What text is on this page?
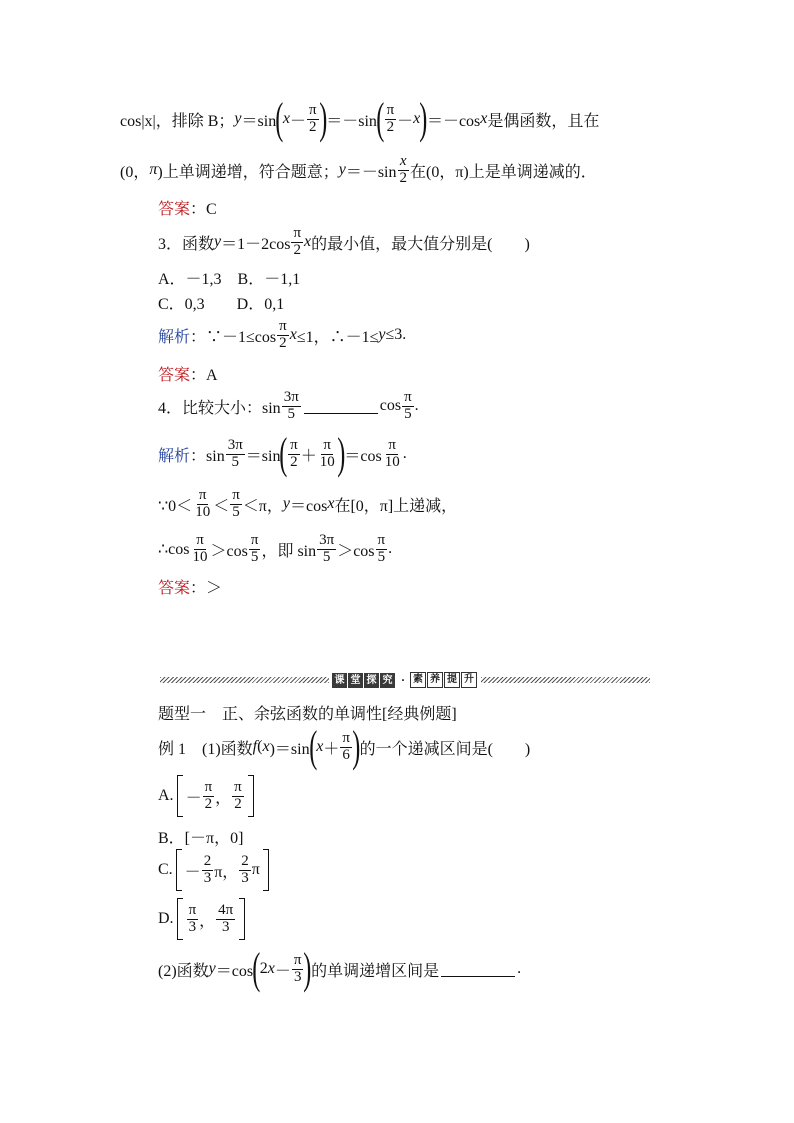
cos|x|，排除 B； y ＝sin ( $x - \frac{\pi}{2}$ ) ＝－sin ( $\frac{\pi}{2} - x$ ) ＝－cos x 是偶函数，且在
(0， π )上单调递增，符合题意； $y =-\sin \frac{x}{2}$ 在(0，π)上是单调递减的．
答案 ：C
3．函数 $y =1-2\cos \frac{\pi}{2}$ x 的最小值，最大值分别是(　　)
A．－1,3　B．－1,1
C．0,3　　D．0,1
解析 ：∵－1≤cos $\frac{\pi}{2}$ x ≤1，∴－1≤ y ≤3.
答案 ：A
4．比较大小：$\sin \frac{3\pi}{5}$	$\cos \frac{\pi}{5}$ .
解析 ：$\sin \frac{3\pi}{5} =\sin$ ( $\frac{\pi}{2} + \frac{\pi}{10}$ ) $=\cos \frac{\pi}{10}$ .
∵0＜ $\frac{\pi}{10} < \frac{\pi}{5} <\pi$， y ＝cos x 在[0，π]上递减，
∴cos $\frac{\pi}{10} >\cos \frac{\pi}{5}$ ，即 $\sin \frac{3\pi}{5} >\cos \frac{\pi}{5}$ .
答案 ：＞
课 堂 探 究 · 素 养 提 升
题型一　正、余弦函数的单调性[经典例题]
例 1　(1)函数 f ( x )＝sin ( $x + \frac{\pi}{6}$ ) 的一个递减区间是(　　)
A. － $\frac{\pi}{2}$ ， $\frac{\pi}{2}$
B．[－π，0]
C. － $\frac{2}{3}$ π， $\frac{2}{3}$ π
D. $\frac{\pi}{3}$ ， $\frac{4\pi}{3}$
(2)函数 y ＝cos ( 2 $x - \frac{\pi}{3}$ ) 的单调递增区间是	.
